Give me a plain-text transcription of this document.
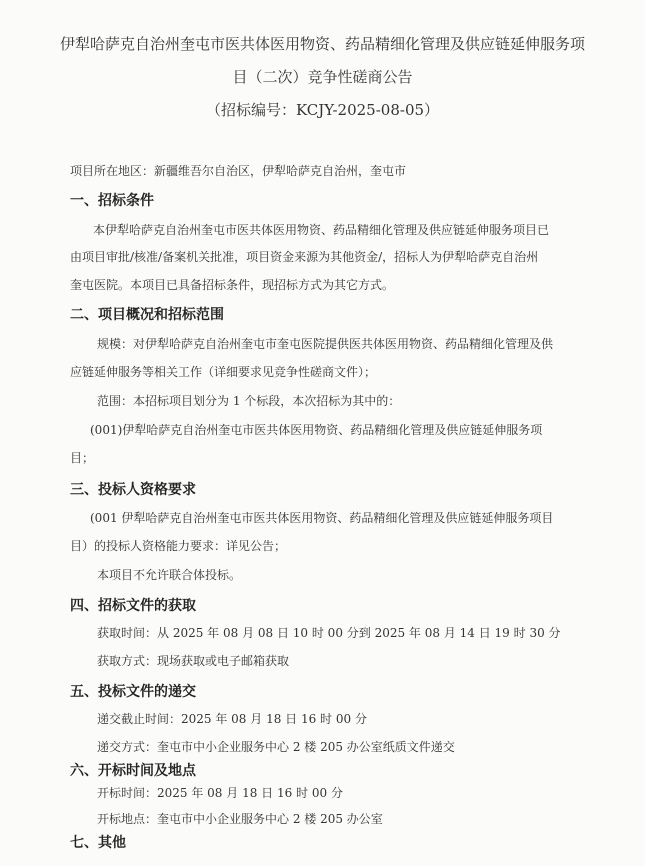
伊犁哈萨克自治州奎屯市医共体医用物资、药品精细化管理及供应链延伸服务项
目（二次）竞争性磋商公告
（招标编号：KCJY-2025-08-05）
项目所在地区：新疆维吾尔自治区，伊犁哈萨克自治州，奎屯市
一、招标条件
本伊犁哈萨克自治州奎屯市医共体医用物资、药品精细化管理及供应链延伸服务项目已
由项目审批/核准/备案机关批准，项目资金来源为其他资金/，招标人为伊犁哈萨克自治州
奎屯医院。本项目已具备招标条件，现招标方式为其它方式。
二、项目概况和招标范围
规模：对伊犁哈萨克自治州奎屯市奎屯医院提供医共体医用物资、药品精细化管理及供
应链延伸服务等相关工作（详细要求见竞争性磋商文件）；
范围：本招标项目划分为 1 个标段，本次招标为其中的：
(001)伊犁哈萨克自治州奎屯市医共体医用物资、药品精细化管理及供应链延伸服务项
目；
三、投标人资格要求
(001 伊犁哈萨克自治州奎屯市医共体医用物资、药品精细化管理及供应链延伸服务项目
目）的投标人资格能力要求：详见公告；
本项目不允许联合体投标。
四、招标文件的获取
获取时间：从 2025 年 08 月 08 日 10 时 00 分到 2025 年 08 月 14 日 19 时 30 分
获取方式：现场获取或电子邮箱获取
五、投标文件的递交
递交截止时间：2025 年 08 月 18 日 16 时 00 分
递交方式：奎屯市中小企业服务中心 2 楼 205 办公室纸质文件递交
六、开标时间及地点
开标时间：2025 年 08 月 18 日 16 时 00 分
开标地点：奎屯市中小企业服务中心 2 楼 205 办公室
七、其他
